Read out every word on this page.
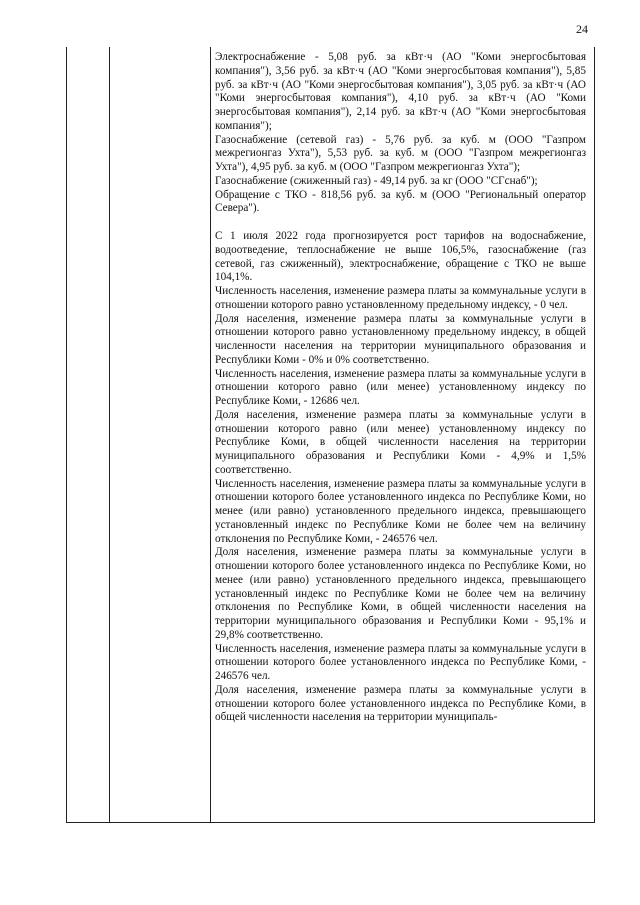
24

Электроснабжение - 5,08 руб. за кВт·ч (АО "Коми энергосбытовая компания"), 3,56 руб. за кВт·ч (АО "Коми энергосбытовая компания"), 5,85 руб. за кВт·ч (АО "Коми энергосбытовая компания"), 3,05 руб. за кВт·ч (АО "Коми энергосбытовая компания"), 4,10 руб. за кВт·ч (АО "Коми энергосбытовая компания"), 2,14 руб. за кВт·ч (АО "Коми энергосбытовая компания");

Газоснабжение (сетевой газ) - 5,76 руб. за куб. м (ООО "Газпром межрегионгаз Ухта"), 5,53 руб. за куб. м (ООО "Газпром межрегионгаз Ухта"), 4,95 руб. за куб. м (ООО "Газпром межрегионгаз Ухта");

Газоснабжение (сжиженный газ) - 49,14 руб. за кг (ООО "СГснаб");

Обращение с ТКО - 818,56 руб. за куб. м (ООО "Региональный оператор Севера").

С 1 июля 2022 года прогнозируется рост тарифов на водоснабжение, водоотведение, теплоснабжение не выше 106,5%, газоснабжение (газ сетевой, газ сжиженный), электроснабжение, обращение с ТКО не выше 104,1%.

Численность населения, изменение размера платы за коммунальные услуги в отношении которого равно установленному предельному индексу, - 0 чел.

Доля населения, изменение размера платы за коммунальные услуги в отношении которого равно установленному предельному индексу, в общей численности населения на территории муниципального образования и Республики Коми - 0% и 0% соответственно.

Численность населения, изменение размера платы за коммунальные услуги в отношении которого равно (или менее) установленному индексу по Республике Коми, - 12686 чел.

Доля населения, изменение размера платы за коммунальные услуги в отношении которого равно (или менее) установленному индексу по Республике Коми, в общей численности населения на территории муниципального образования и Республики Коми - 4,9% и 1,5% соответственно.

Численность населения, изменение размера платы за коммунальные услуги в отношении которого более установленного индекса по Республике Коми, но менее (или равно) установленного предельного индекса, превышающего установленный индекс по Республике Коми не более чем на величину отклонения по Республике Коми, - 246576 чел.

Доля населения, изменение размера платы за коммунальные услуги в отношении которого более установленного индекса по Республике Коми, но менее (или равно) установленного предельного индекса, превышающего установленный индекс по Республике Коми не более чем на величину отклонения по Республике Коми, в общей численности населения на территории муниципального образования и Республики Коми - 95,1% и 29,8% соответственно.

Численность населения, изменение размера платы за коммунальные услуги в отношении которого более установленного индекса по Республике Коми, - 246576 чел.

Доля населения, изменение размера платы за коммунальные услуги в отношении которого более установленного индекса по Республике Коми, в общей численности населения на территории муниципаль-
